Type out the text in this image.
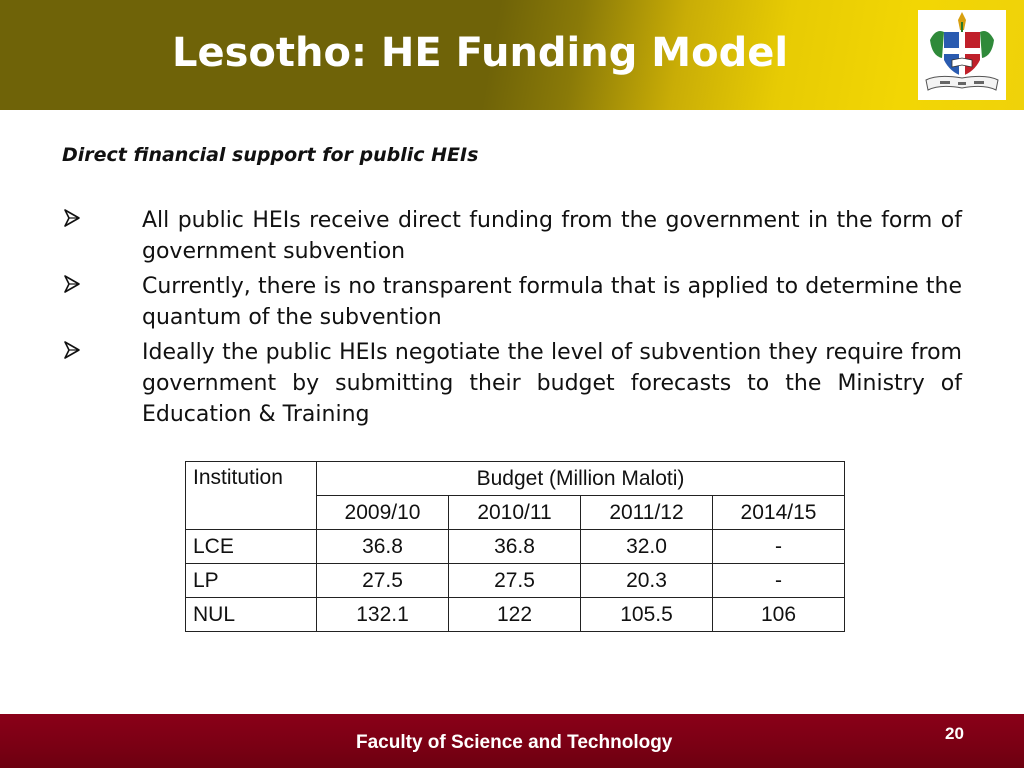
Lesotho: HE Funding Model
Direct financial support for public HEIs
All public HEIs receive direct funding from the government in the form of government subvention
Currently, there is no transparent formula that is applied to determine the quantum of the subvention
Ideally the public HEIs negotiate the level of subvention they require from government by submitting their budget forecasts to the Ministry of Education & Training
Institution	Budget (Million Maloti)			
	2009/10	2010/11	2011/12	2014/15
LCE	36.8	36.8	32.0	-
LP	27.5	27.5	20.3	-
NUL	132.1	122	105.5	106
Faculty of Science and Technology	20
